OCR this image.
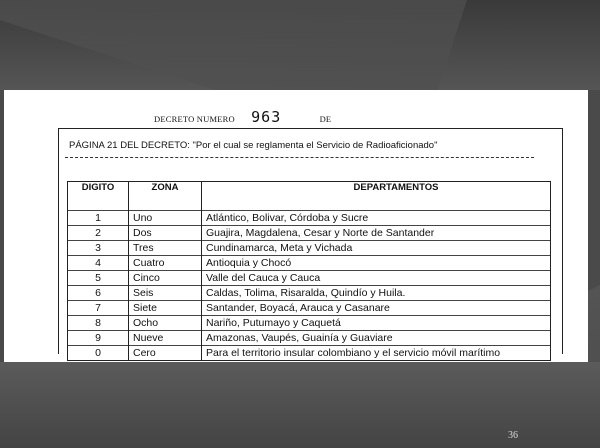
DECRETO NUMERO 963	DE
PÁGINA 21 DEL DECRETO: "Por el cual se reglamenta el Servicio de Radioaficionado"
DIGITO	ZONA	DEPARTAMENTOS

1	Uno	Atlántico, Bolivar, Córdoba y Sucre
2	Dos	Guajira, Magdalena, Cesar y Norte de Santander
3	Tres	Cundinamarca, Meta y Vichada
4	Cuatro	Antioquia y Chocó
5	Cinco	Valle del Cauca y Cauca
6	Seis	Caldas, Tolima, Risaralda, Quindío y Huila.
7	Siete	Santander, Boyacá, Arauca y Casanare
8	Ocho	Nariño, Putumayo y Caquetá
9	Nueve	Amazonas, Vaupés, Guainía y Guaviare
0	Cero	Para el territorio insular colombiano y el servicio móvil marítimo
36
